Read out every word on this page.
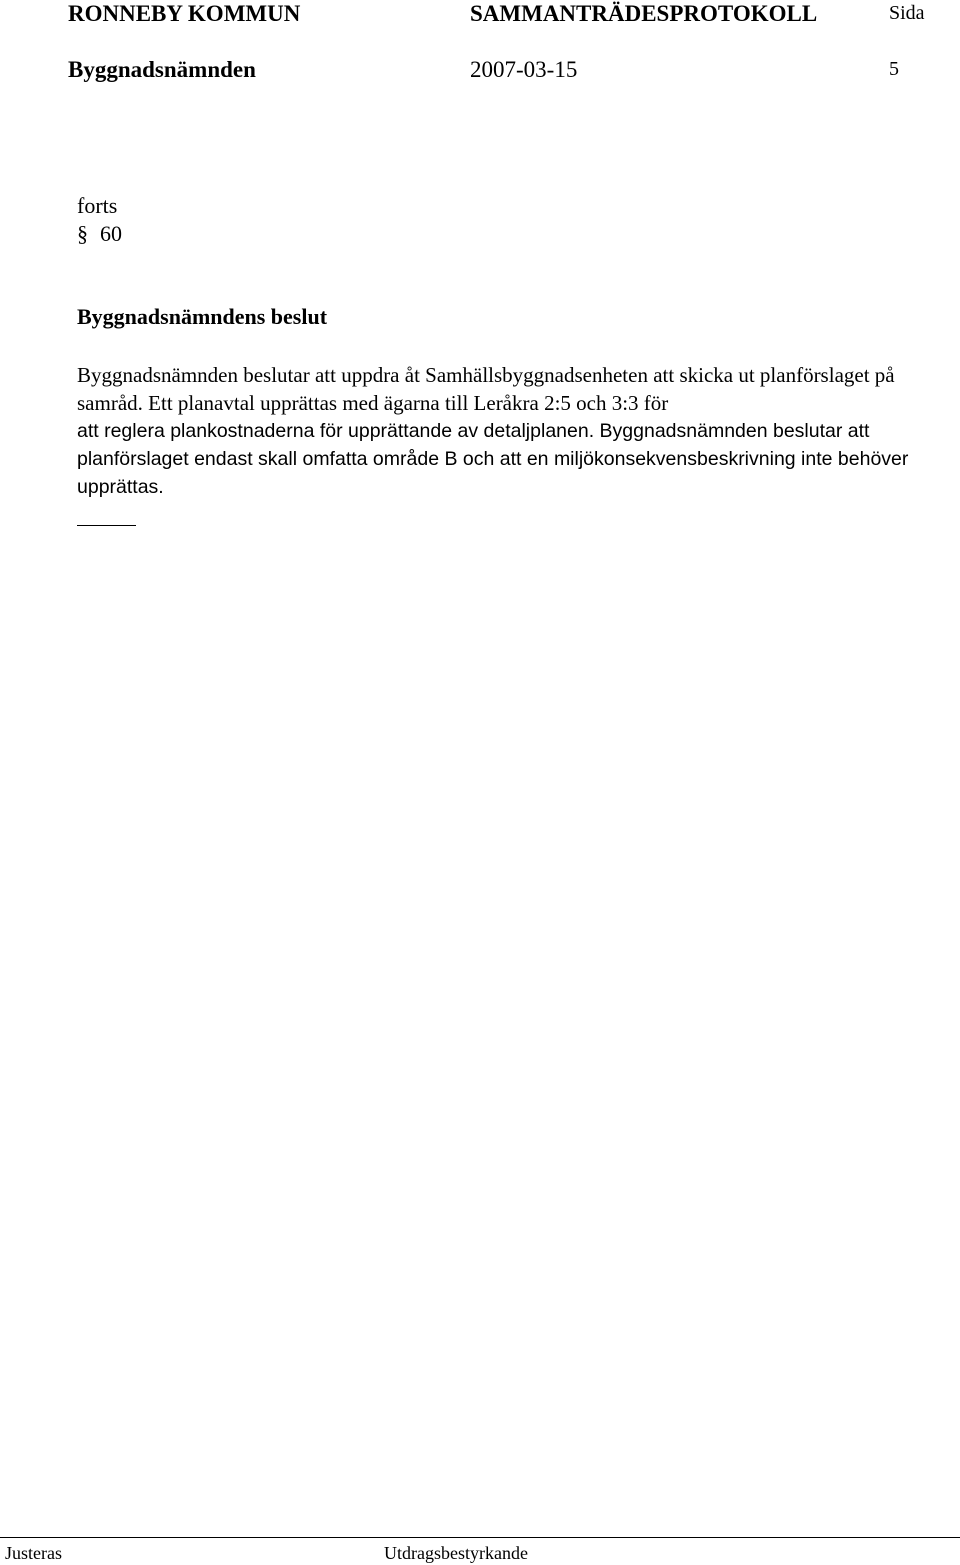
RONNEBY KOMMUN	SAMMANTRÄDESPROTOKOLL	Sida
Byggnadsnämnden	2007-03-15	5
forts
§ 60
Byggnadsnämndens beslut
Byggnadsnämnden beslutar att uppdra åt Samhällsbyggnadsenheten att skicka ut planförslaget på samråd. Ett planavtal upprättas med ägarna till Leråkra 2:5 och 3:3 för
att reglera plankostnaderna för upprättande av detaljplanen. Byggnadsnämnden beslutar att planförslaget endast skall omfatta område B och att en miljökonsekvensbeskrivning inte behöver upprättas.
Justeras	Utdragsbestyrkande
